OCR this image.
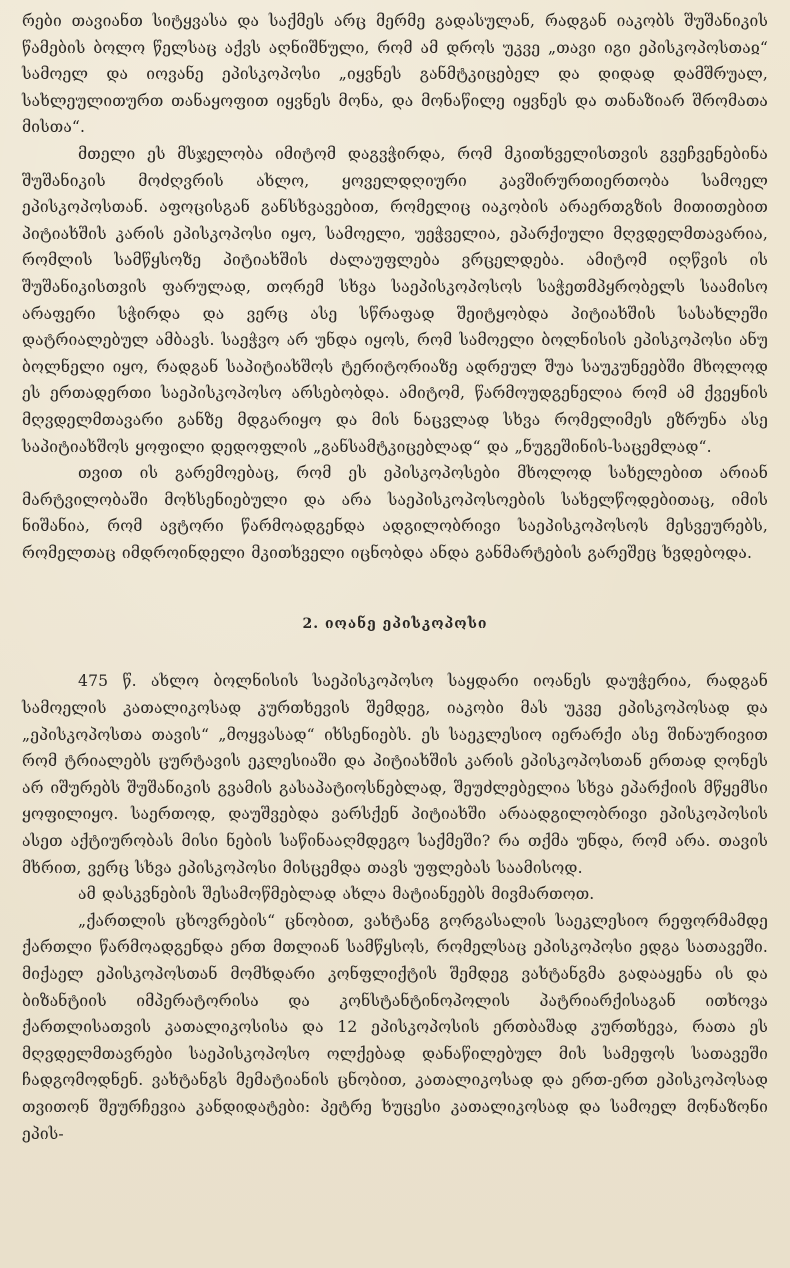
რები თავიანთ სიტყვასა და საქმეს არც მერმე გადასულან, რადგან იაკობს შუშანიკის წამების ბოლო წელსაც აქვს აღნიშნული, რომ ამ დროს უკვე „თავი იგი ეპისკოპოსთაჲ“ სამოელ და იოვანე ეპისკოპოსი „იყვნეს განმტკიცებელ და დიდად დამშრუალ, სახლეულითურთ თანაყოფით იყვნეს მონა, და მონაწილე იყვნეს და თანაზიარ შრომათა მისთა“.

მთელი ეს მსჯელობა იმიტომ დაგვჭირდა, რომ მკითხველისთვის გვეჩვენებინა შუშანიკის მოძღვრის ახლო, ყოველდღიური კავშირურთიერთობა სამოელ ეპისკოპოსთან. აფოცისგან განსხვავებით, რომელიც იაკობის არაერთგზის მითითებით პიტიახშის კარის ეპისკოპოსი იყო, სამოელი, უეჭველია, ეპარქიული მღვდელმთავარია, რომლის სამწყსოზე პიტიახშის ძალაუფლება ვრცელდება. ამიტომ იღწვის ის შუშანიკისთვის ფარულად, თორემ სხვა საეპისკოპოსოს საჭეთმპყრობელს საამისო არაფერი სჭირდა და ვერც ასე სწრაფად შეიტყობდა პიტიახშის სასახლეში დატრიალებულ ამბავს. საეჭვო არ უნდა იყოს, რომ სამოელი ბოლნისის ეპისკოპოსი ანუ ბოლნელი იყო, რადგან საპიტიახშოს ტერიტორიაზე ადრეულ შუა საუკუნეებში მხოლოდ ეს ერთადერთი საეპისკოპოსო არსებობდა. ამიტომ, წარმოუდგენელია რომ ამ ქვეყნის მღვდელმთავარი განზე მდგარიყო და მის ნაცვლად სხვა რომელიმეს ეზრუნა ასე საპიტიახშოს ყოფილი დედოფლის „განსამტკიცებლად“ და „ნუგეშინის-საცემლად“.

თვით ის გარემოებაც, რომ ეს ეპისკოპოსები მხოლოდ სახელებით არიან მარტვილობაში მოხსენიებული და არა საეპისკოპოსოების სახელწოდებითაც, იმის ნიშანია, რომ ავტორი წარმოადგენდა ადგილობრივი საეპისკოპოსოს მესვეურებს, რომელთაც იმდროინდელი მკითხველი იცნობდა ანდა განმარტების გარეშეც ხვდებოდა.

2. იოანე ეპისკოპოსი

475 წ. ახლო ბოლნისის საეპისკოპოსო საყდარი იოანეს დაუჭერია, რადგან სამოელის კათალიკოსად კურთხევის შემდეგ, იაკობი მას უკვე ეპისკოპოსად და „ეპისკოპოსთა თავის“ „მოყვასად“ იხსენიებს. ეს საეკლესიო იერარქი ასე შინაურივით რომ ტრიალებს ცურტავის ეკლესიაში და პიტიახშის კარის ეპისკოპოსთან ერთად ღონეს არ იშურებს შუშანიკის გვამის გასაპატიოსნებლად, შეუძლებელია სხვა ეპარქიის მწყემსი ყოფილიყო. საერთოდ, დაუშვებდა ვარსქენ პიტიახში არაადგილობრივი ეპისკოპოსის ასეთ აქტიურობას მისი ნების საწინააღმდეგო საქმეში? რა თქმა უნდა, რომ არა. თავის მხრით, ვერც სხვა ეპისკოპოსი მისცემდა თავს უფლებას საამისოდ.

ამ დასკვნების შესამოწმებლად ახლა მატიანეებს მივმართოთ.

„ქართლის ცხოვრების“ ცნობით, ვახტანგ გორგასალის საეკლესიო რეფორმამდე ქართლი წარმოადგენდა ერთ მთლიან სამწყსოს, რომელსაც ეპისკოპოსი ედგა სათავეში. მიქაელ ეპისკოპოსთან მომხდარი კონფლიქტის შემდეგ ვახტანგმა გადააყენა ის და ბიზანტიის იმპერატორისა და კონსტანტინოპოლის პატრიარქისაგან ითხოვა ქართლისათვის კათალიკოსისა და 12 ეპისკოპოსის ერთბაშად კურთხევა, რათა ეს მღვდელმთავრები საეპისკოპოსო ოლქებად დანაწილებულ მის სამეფოს სათავეში ჩადგომოდნენ. ვახტანგს მემატიანის ცნობით, კათალიკოსად და ერთ-ერთ ეპისკოპოსად თვითონ შეურჩევია კანდიდატები: პეტრე ხუცესი კათალიკოსად და სამოელ მონაზონი ეპის-
